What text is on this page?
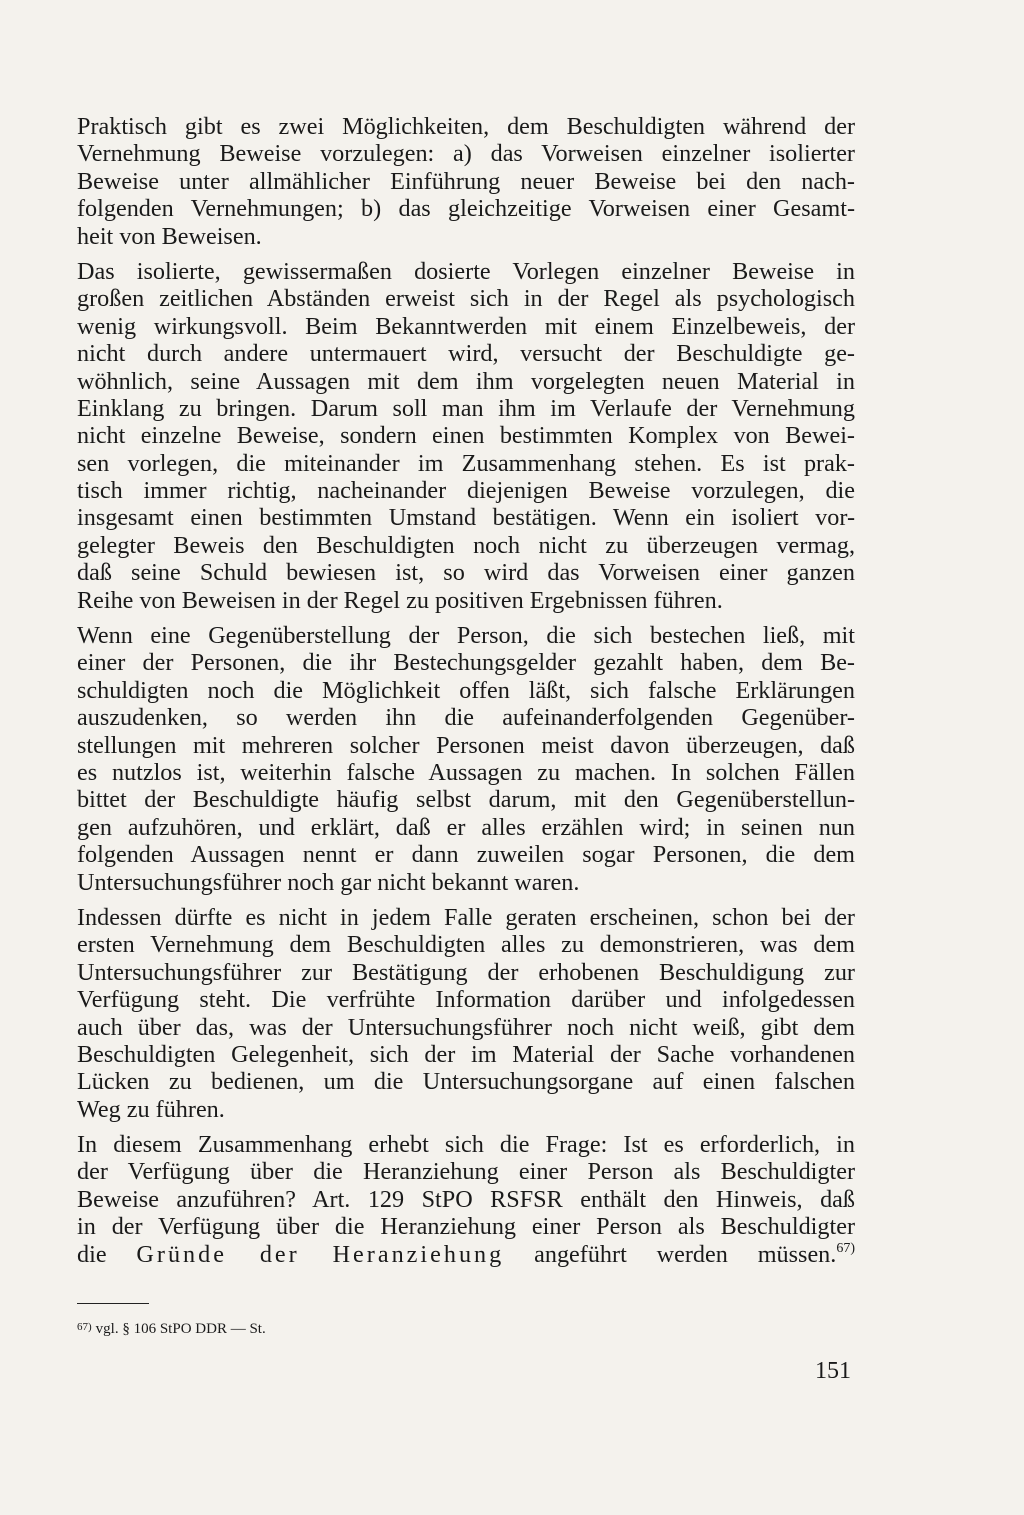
Praktisch gibt es zwei Möglichkeiten, dem Beschuldigten während der
Vernehmung Beweise vorzulegen: a) das Vorweisen einzelner isolierter
Beweise unter allmählicher Einführung neuer Beweise bei den nach-
folgenden Vernehmungen; b) das gleichzeitige Vorweisen einer Gesamt-
heit von Beweisen.
Das isolierte, gewissermaßen dosierte Vorlegen einzelner Beweise in
großen zeitlichen Abständen erweist sich in der Regel als psychologisch
wenig wirkungsvoll. Beim Bekanntwerden mit einem Einzelbeweis, der
nicht durch andere untermauert wird, versucht der Beschuldigte ge-
wöhnlich, seine Aussagen mit dem ihm vorgelegten neuen Material in
Einklang zu bringen. Darum soll man ihm im Verlaufe der Vernehmung
nicht einzelne Beweise, sondern einen bestimmten Komplex von Bewei-
sen vorlegen, die miteinander im Zusammenhang stehen. Es ist prak-
tisch immer richtig, nacheinander diejenigen Beweise vorzulegen, die
insgesamt einen bestimmten Umstand bestätigen. Wenn ein isoliert vor-
gelegter Beweis den Beschuldigten noch nicht zu überzeugen vermag,
daß seine Schuld bewiesen ist, so wird das Vorweisen einer ganzen
Reihe von Beweisen in der Regel zu positiven Ergebnissen führen.
Wenn eine Gegenüberstellung der Person, die sich bestechen ließ, mit
einer der Personen, die ihr Bestechungsgelder gezahlt haben, dem Be-
schuldigten noch die Möglichkeit offen läßt, sich falsche Erklärungen
auszudenken, so werden ihn die aufeinanderfolgenden Gegenüber-
stellungen mit mehreren solcher Personen meist davon überzeugen, daß
es nutzlos ist, weiterhin falsche Aussagen zu machen. In solchen Fällen
bittet der Beschuldigte häufig selbst darum, mit den Gegenüberstellun-
gen aufzuhören, und erklärt, daß er alles erzählen wird; in seinen nun
folgenden Aussagen nennt er dann zuweilen sogar Personen, die dem
Untersuchungsführer noch gar nicht bekannt waren.
Indessen dürfte es nicht in jedem Falle geraten erscheinen, schon bei der
ersten Vernehmung dem Beschuldigten alles zu demonstrieren, was dem
Untersuchungsführer zur Bestätigung der erhobenen Beschuldigung zur
Verfügung steht. Die verfrühte Information darüber und infolgedessen
auch über das, was der Untersuchungsführer noch nicht weiß, gibt dem
Beschuldigten Gelegenheit, sich der im Material der Sache vorhandenen
Lücken zu bedienen, um die Untersuchungsorgane auf einen falschen
Weg zu führen.
In diesem Zusammenhang erhebt sich die Frage: Ist es erforderlich, in
der Verfügung über die Heranziehung einer Person als Beschuldigter
Beweise anzuführen? Art. 129 StPO RSFSR enthält den Hinweis, daß
in der Verfügung über die Heranziehung einer Person als Beschuldigter
die Gründe der Heranziehung angeführt werden müssen.$^{67)}$
$^{67)}$ vgl. § 106 StPO DDR — St.
151
